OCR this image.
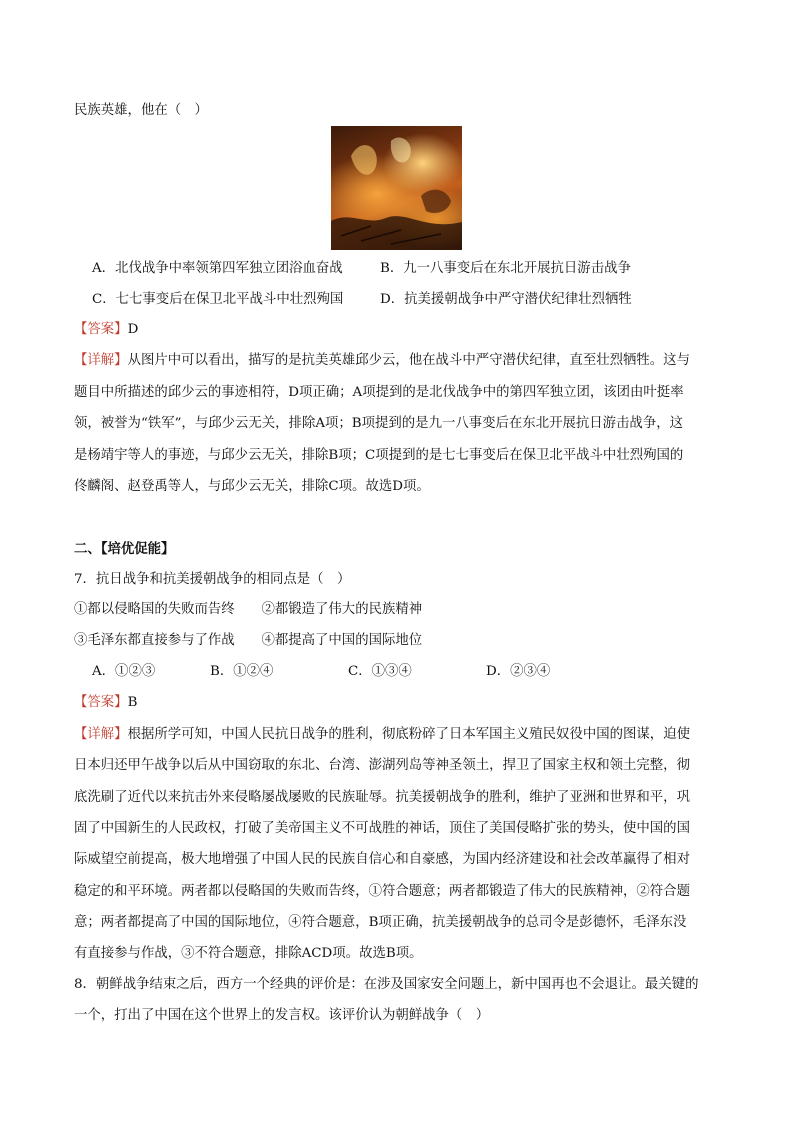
民族英雄，他在（　）
A．北伐战争中率领第四军独立团浴血奋战	B．九一八事变后在东北开展抗日游击战争
C．七七事变后在保卫北平战斗中壮烈殉国	D．抗美援朝战争中严守潜伏纪律壮烈牺牲
【答案】D
【详解】从图片中可以看出，描写的是抗美英雄邱少云，他在战斗中严守潜伏纪律，直至壮烈牺牲。这与
题目中所描述的邱少云的事迹相符，D项正确；A项提到的是北伐战争中的第四军独立团，该团由叶挺率
领，被誉为“铁军”，与邱少云无关，排除A项；B项提到的是九一八事变后在东北开展抗日游击战争，这
是杨靖宇等人的事迹，与邱少云无关，排除B项；C项提到的是七七事变后在保卫北平战斗中壮烈殉国的
佟麟阁、赵登禹等人，与邱少云无关，排除C项。故选D项。
二、【培优促能】
7．抗日战争和抗美援朝战争的相同点是（　）
①都以侵略国的失败而告终　　②都锻造了伟大的民族精神
③毛泽东都直接参与了作战　　④都提高了中国的国际地位
A．①②③	B．①②④	C．①③④	D．②③④
【答案】B
【详解】根据所学可知，中国人民抗日战争的胜利，彻底粉碎了日本军国主义殖民奴役中国的图谋，迫使
日本归还甲午战争以后从中国窃取的东北、台湾、澎湖列岛等神圣领土，捍卫了国家主权和领土完整，彻
底洗刷了近代以来抗击外来侵略屡战屡败的民族耻辱。抗美援朝战争的胜利，维护了亚洲和世界和平，巩
固了中国新生的人民政权，打破了美帝国主义不可战胜的神话，顶住了美国侵略扩张的势头，使中国的国
际威望空前提高，极大地增强了中国人民的民族自信心和自豪感，为国内经济建设和社会改革赢得了相对
稳定的和平环境。两者都以侵略国的失败而告终，①符合题意；两者都锻造了伟大的民族精神，②符合题
意；两者都提高了中国的国际地位，④符合题意，B项正确，抗美援朝战争的总司令是彭德怀，毛泽东没
有直接参与作战，③不符合题意，排除ACD项。故选B项。
8．朝鲜战争结束之后，西方一个经典的评价是：在涉及国家安全问题上，新中国再也不会退让。最关键的
一个，打出了中国在这个世界上的发言权。该评价认为朝鲜战争（　）
